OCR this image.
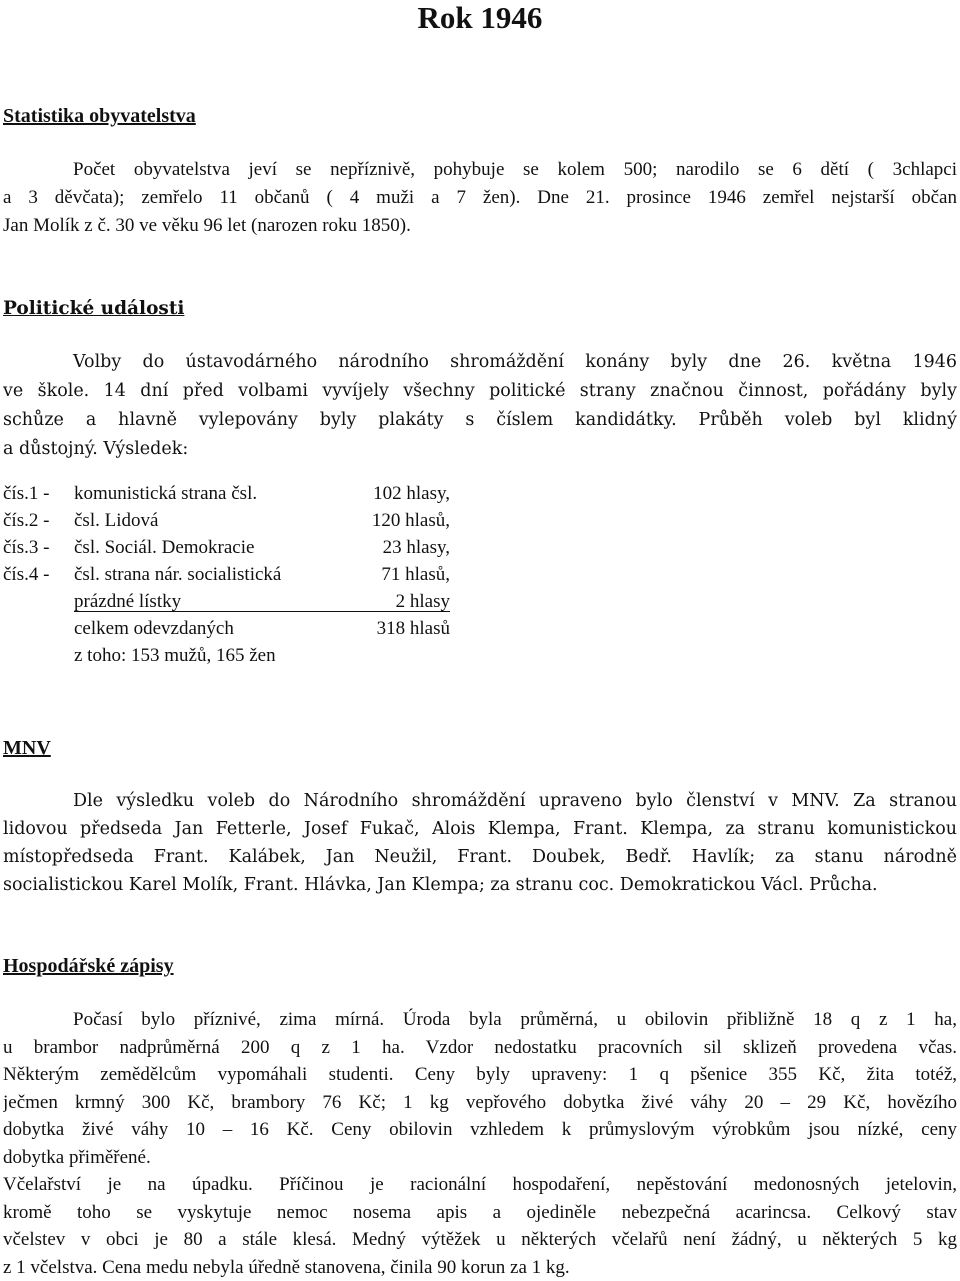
Rok 1946
Statistika obyvatelstva
Počet obyvatelstva jeví se nepříznivě, pohybuje se kolem 500; narodilo se 6 dětí ( 3chlapci
a 3 děvčata); zemřelo 11 občanů ( 4 muži a 7 žen). Dne 21. prosince 1946 zemřel nejstarší občan
Jan Molík z č. 30 ve věku 96 let (narozen roku 1850).
Politické události
Volby do ústavodárného národního shromáždění konány byly dne 26. května 1946
ve škole. 14 dní před volbami vyvíjely všechny politické strany značnou činnost, pořádány byly
schůze a hlavně vylepovány byly plakáty s číslem kandidátky. Průběh voleb byl klidný
a důstojný. Výsledek:
čís.1 - komunistická strana čsl.	102 hlasy,
čís.2 - čsl. Lidová	120 hlasů,
čís.3 - čsl. Sociál. Demokracie	23 hlasy,
čís.4 - čsl. strana nár. socialistická	71 hlasů,
prázdné lístky	2 hlasy
celkem odevzdaných	318 hlasů
z toho: 153 mužů, 165 žen
MNV
Dle výsledku voleb do Národního shromáždění upraveno bylo členství v MNV. Za stranou
lidovou předseda Jan Fetterle, Josef Fukač, Alois Klempa, Frant. Klempa, za stranu komunistickou
místopředseda Frant. Kalábek, Jan Neužil, Frant. Doubek, Bedř. Havlík; za stanu národně
socialistickou Karel Molík, Frant. Hlávka, Jan Klempa; za stranu coc. Demokratickou Václ. Průcha.
Hospodářské zápisy
Počasí bylo příznivé, zima mírná. Úroda byla průměrná, u obilovin přibližně 18 q z 1 ha,
u brambor nadprůměrná 200 q z 1 ha. Vzdor nedostatku pracovních sil sklizeň provedena včas.
Některým zemědělcům vypomáhali studenti. Ceny byly upraveny: 1 q pšenice 355 Kč, žita totéž,
ječmen krmný 300 Kč, brambory 76 Kč; 1 kg vepřového dobytka živé váhy 20 – 29 Kč, hovězího
dobytka živé váhy 10 – 16 Kč. Ceny obilovin vzhledem k průmyslovým výrobkům jsou nízké, ceny
dobytka přiměřené.
Včelařství je na úpadku. Příčinou je racionální hospodaření, nepěstování medonosných jetelovin,
kromě toho se vyskytuje nemoc nosema apis a ojediněle nebezpečná acarincsa. Celkový stav
včelstev v obci je 80 a stále klesá. Medný výtěžek u některých včelařů není žádný, u některých 5 kg
z 1 včelstva. Cena medu nebyla úředně stanovena, činila 90 korun za 1 kg.
